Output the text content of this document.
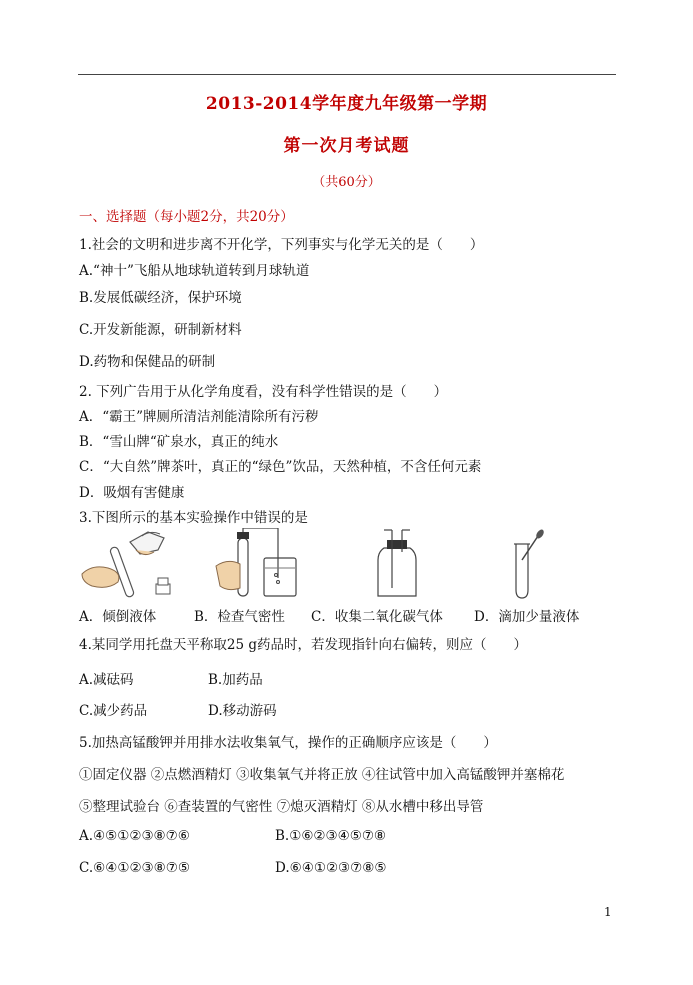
2013-2014学年度九年级第一学期
第一次月考试题
（共60分）
一、选择题（每小题2分，共20分）
1.社会的文明和进步离不开化学，下列事实与化学无关的是（　　）
A.“神十”飞船从地球轨道转到月球轨道
B.发展低碳经济，保护环境
C.开发新能源，研制新材料
D.药物和保健品的研制
2. 下列广告用于从化学角度看，没有科学性错误的是（　　）
A．“霸王”牌厕所清洁剂能清除所有污秽
B．“雪山牌“矿泉水，真正的纯水
C．“大自然”牌茶叶，真正的“绿色”饮品，天然种植，不含任何元素
D．吸烟有害健康
3.下图所示的基本实验操作中错误的是
A．倾倒液体	B．检查气密性 C．收集二氧化碳气体 D．滴加少量液体
4.某同学用托盘天平称取25 g药品时，若发现指针向右偏转，则应（　　）
A.减砝码	B.加药品
C.减少药品	D.移动游码
5.加热高锰酸钾并用排水法收集氧气，操作的正确顺序应该是（　　）
①固定仪器 ②点燃酒精灯 ③收集氧气并将正放 ④往试管中加入高锰酸钾并塞棉花
⑤整理试验台 ⑥查装置的气密性 ⑦熄灭酒精灯 ⑧从水槽中移出导管
A.④⑤①②③⑧⑦⑥	B.①⑥②③④⑤⑦⑧
C.⑥④①②③⑧⑦⑤	D.⑥④①②③⑦⑧⑤
1
